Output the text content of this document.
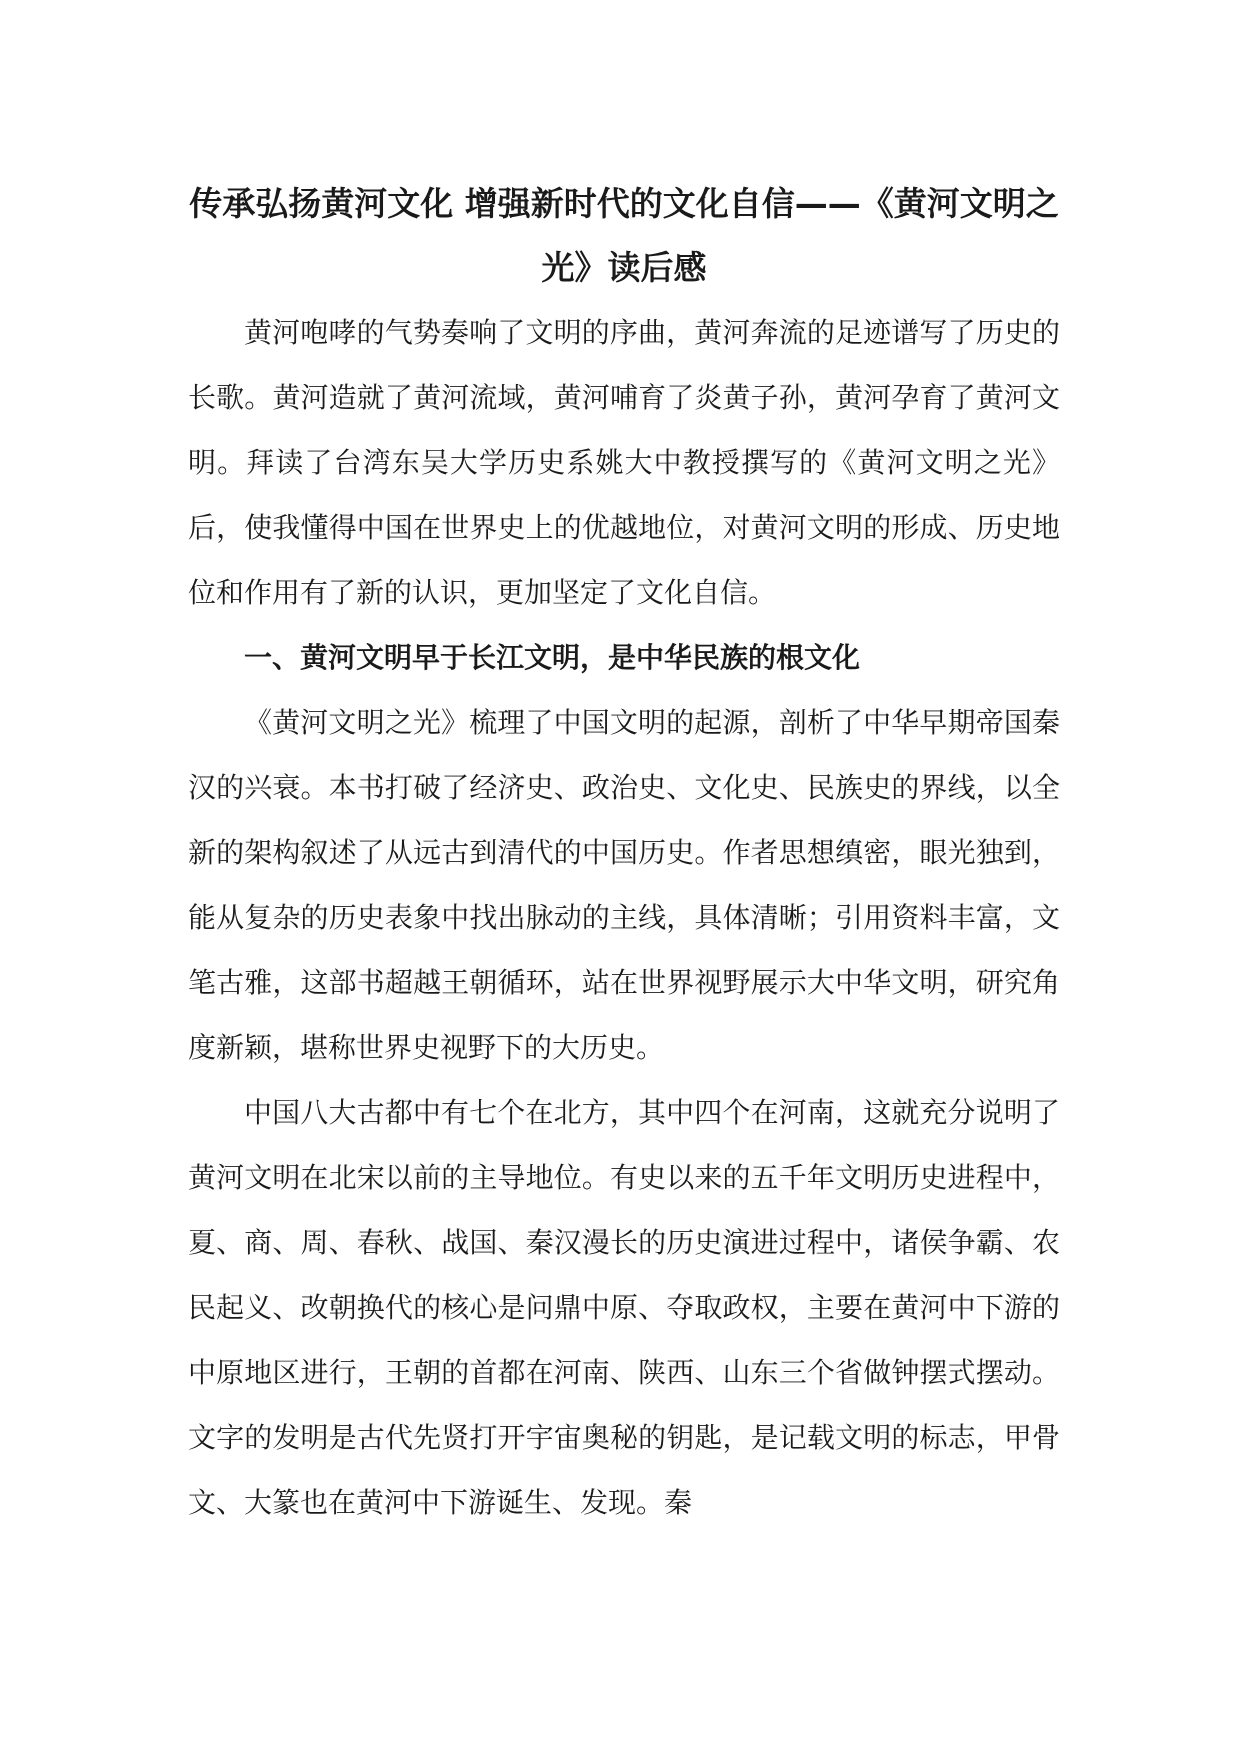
传承弘扬黄河文化 增强新时代的文化自信——《黄河文明之光》读后感

黄河咆哮的气势奏响了文明的序曲，黄河奔流的足迹谱写了历史的长歌。黄河造就了黄河流域，黄河哺育了炎黄子孙，黄河孕育了黄河文明。拜读了台湾东吴大学历史系姚大中教授撰写的《黄河文明之光》后，使我懂得中国在世界史上的优越地位，对黄河文明的形成、历史地位和作用有了新的认识，更加坚定了文化自信。

一、黄河文明早于长江文明，是中华民族的根文化

《黄河文明之光》梳理了中国文明的起源，剖析了中华早期帝国秦汉的兴衰。本书打破了经济史、政治史、文化史、民族史的界线，以全新的架构叙述了从远古到清代的中国历史。作者思想缜密，眼光独到，能从复杂的历史表象中找出脉动的主线，具体清晰；引用资料丰富，文笔古雅，这部书超越王朝循环，站在世界视野展示大中华文明，研究角度新颖，堪称世界史视野下的大历史。

中国八大古都中有七个在北方，其中四个在河南，这就充分说明了黄河文明在北宋以前的主导地位。有史以来的五千年文明历史进程中，夏、商、周、春秋、战国、秦汉漫长的历史演进过程中，诸侯争霸、农民起义、改朝换代的核心是问鼎中原、夺取政权，主要在黄河中下游的中原地区进行，王朝的首都在河南、陕西、山东三个省做钟摆式摆动。文字的发明是古代先贤打开宇宙奥秘的钥匙，是记载文明的标志，甲骨文、大篆也在黄河中下游诞生、发现。秦
